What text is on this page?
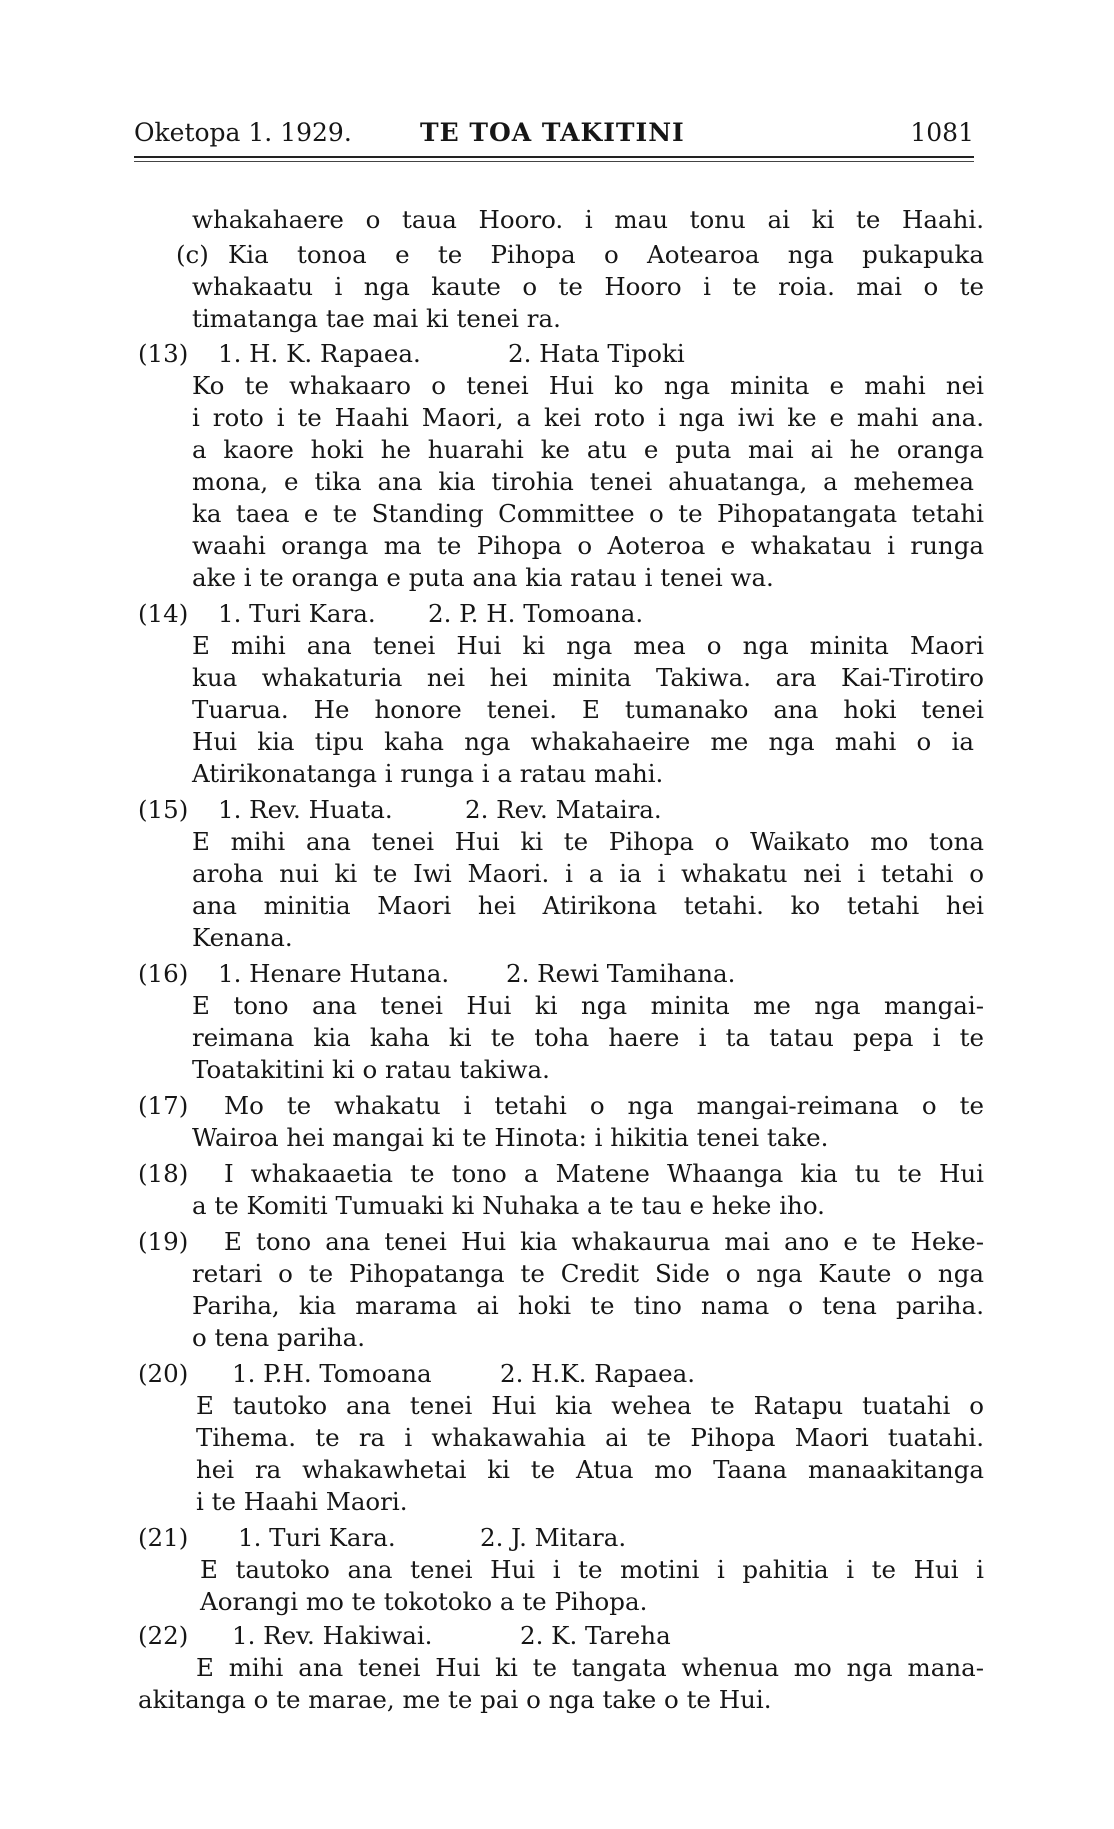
Oketopa 1. 1929.	TE TOA TAKITINI	1081
whakahaere o taua Hooro. i mau tonu ai ki te Haahi.
(c) Kia tonoa e te Pihopa o Aotearoa nga pukapuka
whakaatu i nga kaute o te Hooro i te roia. mai o te
timatanga tae mai ki tenei ra.
(13) 1. H. K. Rapaea.	2. Hata Tipoki
Ko te whakaaro o tenei Hui ko nga minita e mahi nei
i roto i te Haahi Maori, a kei roto i nga iwi ke e mahi ana.
a kaore hoki he huarahi ke atu e puta mai ai he oranga
mona, e tika ana kia tirohia tenei ahuatanga, a mehemea
ka taea e te Standing Committee o te Pihopatangata tetahi
waahi oranga ma te Pihopa o Aoteroa e whakatau i runga
ake i te oranga e puta ana kia ratau i tenei wa.
(14) 1. Turi Kara. 2. P. H. Tomoana.
E mihi ana tenei Hui ki nga mea o nga minita Maori
kua whakaturia nei hei minita Takiwa. ara Kai-Tirotiro
Tuarua. He honore tenei. E tumanako ana hoki tenei
Hui kia tipu kaha nga whakahaeire me nga mahi o ia
Atirikonatanga i runga i a ratau mahi.
(15) 1. Rev. Huata.	2. Rev. Mataira.
E mihi ana tenei Hui ki te Pihopa o Waikato mo tona
aroha nui ki te Iwi Maori. i a ia i whakatu nei i tetahi o
ana minitia Maori hei Atirikona tetahi. ko tetahi hei
Kenana.
(16) 1. Henare Hutana. 2. Rewi Tamihana.
E tono ana tenei Hui ki nga minita me nga mangai-
reimana kia kaha ki te toha haere i ta tatau pepa i te
Toatakitini ki o ratau takiwa.
(17) Mo te whakatu i tetahi o nga mangai-reimana o te
Wairoa hei mangai ki te Hinota: i hikitia tenei take.
(18) I whakaaetia te tono a Matene Whaanga kia tu te Hui
a te Komiti Tumuaki ki Nuhaka a te tau e heke iho.
(19) E tono ana tenei Hui kia whakaurua mai ano e te Heke-
retari o te Pihopatanga te Credit Side o nga Kaute o nga
Pariha, kia marama ai hoki te tino nama o tena pariha.
o tena pariha.
(20) 1. P.H. Tomoana	2. H.K. Rapaea.
E tautoko ana tenei Hui kia wehea te Ratapu tuatahi o
Tihema. te ra i whakawahia ai te Pihopa Maori tuatahi.
hei ra whakawhetai ki te Atua mo Taana manaakitanga
i te Haahi Maori.
(21) 1. Turi Kara.	2. J. Mitara.
E tautoko ana tenei Hui i te motini i pahitia i te Hui i
Aorangi mo te tokotoko a te Pihopa.
(22) 1. Rev. Hakiwai.	2. K. Tareha
E mihi ana tenei Hui ki te tangata whenua mo nga mana-
akitanga o te marae, me te pai o nga take o te Hui.
